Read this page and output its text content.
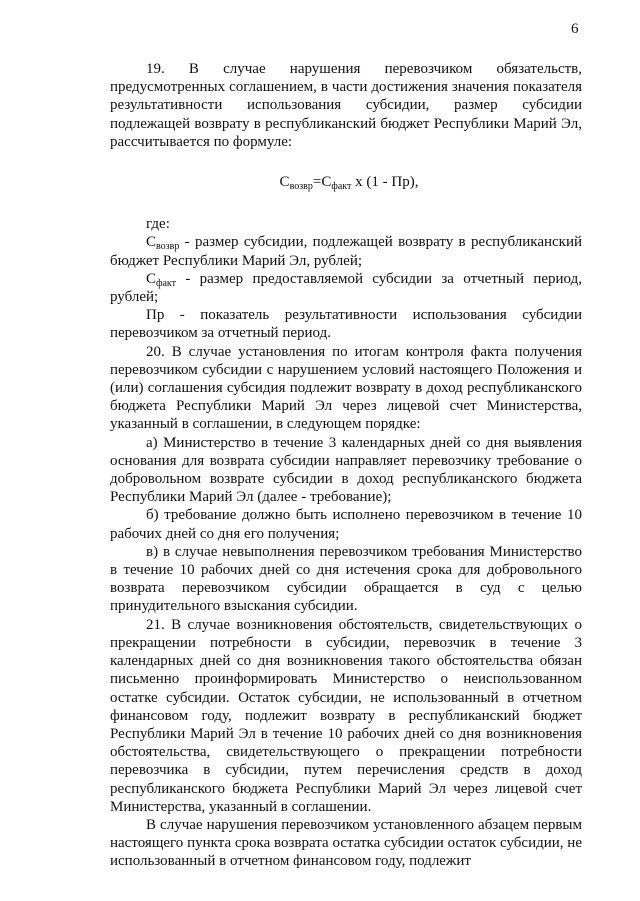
6

19. В случае нарушения перевозчиком обязательств, предусмотренных соглашением, в части достижения значения показателя результативности использования субсидии, размер субсидии подлежащей возврату в республиканский бюджет Республики Марий Эл, рассчитывается по формуле:

$С_{возвр}=С_{факт}$ x (1 - Пр),

где:

$С_{возвр}$ - размер субсидии, подлежащей возврату в республиканский бюджет Республики Марий Эл, рублей;

$С_{факт}$ - размер предоставляемой субсидии за отчетный период, рублей;

Пр - показатель результативности использования субсидии перевозчиком за отчетный период.

20. В случае установления по итогам контроля факта получения перевозчиком субсидии с нарушением условий настоящего Положения и (или) соглашения субсидия подлежит возврату в доход республиканского бюджета Республики Марий Эл через лицевой счет Министерства, указанный в соглашении, в следующем порядке:

а) Министерство в течение 3 календарных дней со дня выявления основания для возврата субсидии направляет перевозчику требование о добровольном возврате субсидии в доход республиканского бюджета Республики Марий Эл (далее - требование);

б) требование должно быть исполнено перевозчиком в течение 10 рабочих дней со дня его получения;

в) в случае невыполнения перевозчиком требования Министерство в течение 10 рабочих дней со дня истечения срока для добровольного возврата перевозчиком субсидии обращается в суд с целью принудительного взыскания субсидии.

21. В случае возникновения обстоятельств, свидетельствующих о прекращении потребности в субсидии, перевозчик в течение 3 календарных дней со дня возникновения такого обстоятельства обязан письменно проинформировать Министерство о неиспользованном остатке субсидии. Остаток субсидии, не использованный в отчетном финансовом году, подлежит возврату в республиканский бюджет Республики Марий Эл в течение 10 рабочих дней со дня возникновения обстоятельства, свидетельствующего о прекращении потребности перевозчика в субсидии, путем перечисления средств в доход республиканского бюджета Республики Марий Эл через лицевой счет Министерства, указанный в соглашении.

В случае нарушения перевозчиком установленного абзацем первым настоящего пункта срока возврата остатка субсидии остаток субсидии, не использованный в отчетном финансовом году, подлежит
